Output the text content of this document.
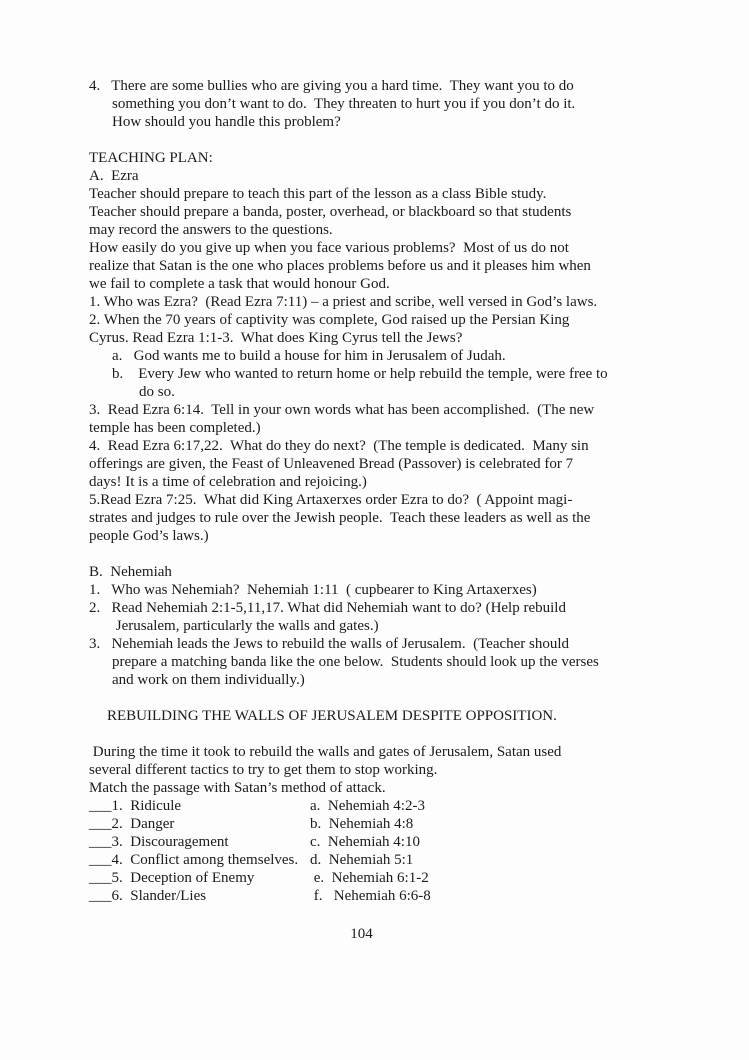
4.   There are some bullies who are giving you a hard time.  They want you to do
something you don’t want to do.  They threaten to hurt you if you don’t do it.
How should you handle this problem?
TEACHING PLAN:
A.  Ezra
Teacher should prepare to teach this part of the lesson as a class Bible study.
Teacher should prepare a banda, poster, overhead, or blackboard so that students
may record the answers to the questions.
How easily do you give up when you face various problems?  Most of us do not
realize that Satan is the one who places problems before us and it pleases him when
we fail to complete a task that would honour God.
1. Who was Ezra?  (Read Ezra 7:11) – a priest and scribe, well versed in God’s laws.
2. When the 70 years of captivity was complete, God raised up the Persian King
Cyrus. Read Ezra 1:1-3.  What does King Cyrus tell the Jews?
a.   God wants me to build a house for him in Jerusalem of Judah.
b.    Every Jew who wanted to return home or help rebuild the temple, were free to
do so.
3.  Read Ezra 6:14.  Tell in your own words what has been accomplished.  (The new
temple has been completed.)
4.  Read Ezra 6:17,22.  What do they do next?  (The temple is dedicated.  Many sin
offerings are given, the Feast of Unleavened Bread (Passover) is celebrated for 7
days! It is a time of celebration and rejoicing.)
5.Read Ezra 7:25.  What did King Artaxerxes order Ezra to do?  ( Appoint magi-
strates and judges to rule over the Jewish people.  Teach these leaders as well as the
people God’s laws.)
B.  Nehemiah
1.   Who was Nehemiah?  Nehemiah 1:11  ( cupbearer to King Artaxerxes)
2.   Read Nehemiah 2:1-5,11,17. What did Nehemiah want to do? (Help rebuild
Jerusalem, particularly the walls and gates.)
3.   Nehemiah leads the Jews to rebuild the walls of Jerusalem.  (Teacher should
prepare a matching banda like the one below.  Students should look up the verses
and work on them individually.)
REBUILDING THE WALLS OF JERUSALEM DESPITE OPPOSITION.
During the time it took to rebuild the walls and gates of Jerusalem, Satan used
several different tactics to try to get them to stop working.
Match the passage with Satan’s method of attack.
___1.  Ridicule	a.  Nehemiah 4:2-3
___2.  Danger	b.  Nehemiah 4:8
___3.  Discouragement	c.  Nehemiah 4:10
___4.  Conflict among themselves. d.  Nehemiah 5:1
___5.  Deception of Enemy	e.  Nehemiah 6:1-2
___6.  Slander/Lies	f.   Nehemiah 6:6-8
104
